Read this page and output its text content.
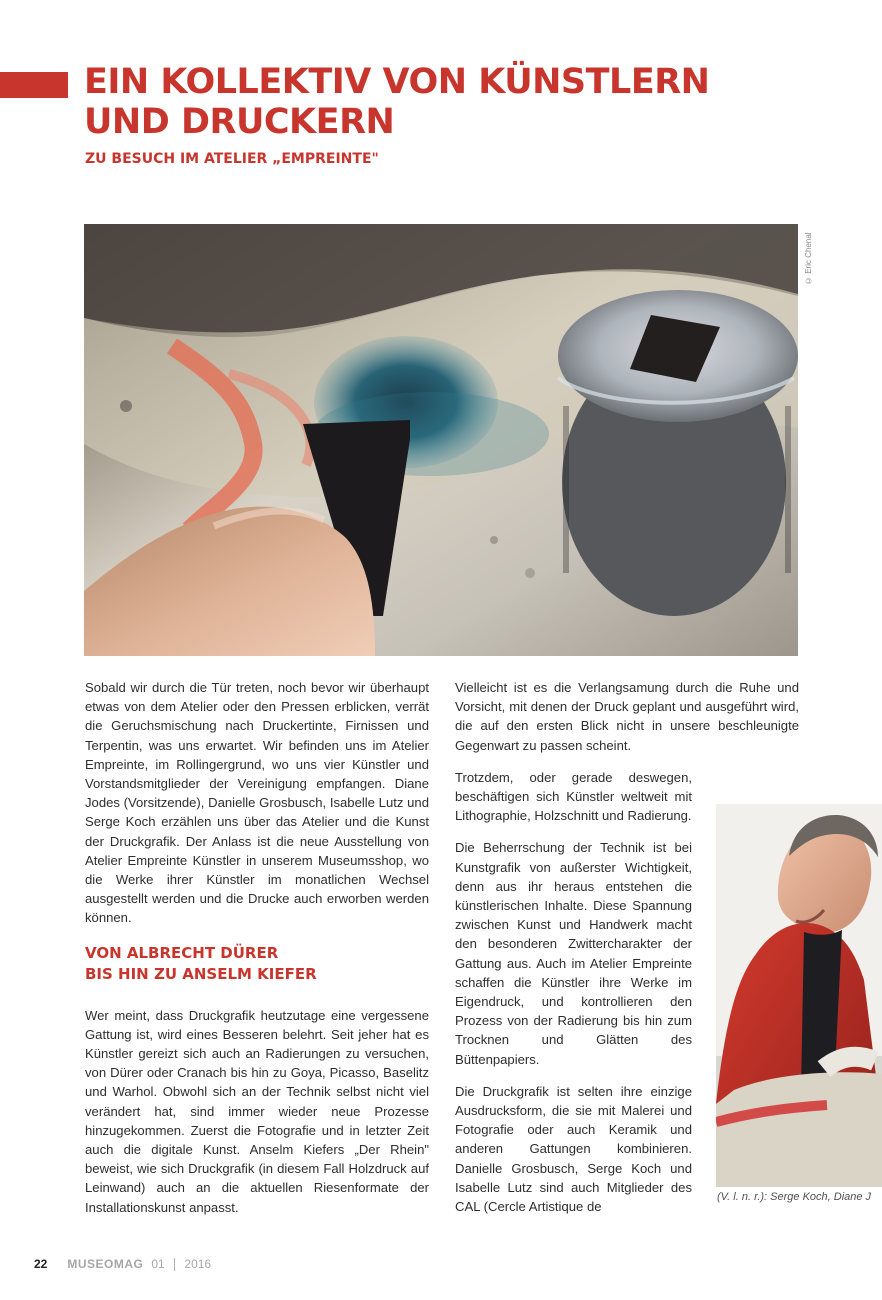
EIN KOLLEKTIV VON KÜNSTLERN
UND DRUCKERN

ZU BESUCH IM ATELIER „EMPREINTE"

© Eric Chenal

Sobald wir durch die Tür treten, noch bevor wir überhaupt etwas von dem Atelier oder den Pressen erblicken, verrät die Geruchsmischung nach Druckertinte, Firnissen und Terpentin, was uns erwartet. Wir befinden uns im Atelier Empreinte, im Rollingergrund, wo uns vier Künstler und Vorstandsmitglieder der Vereinigung empfangen. Diane Jodes (Vorsitzende), Danielle Grosbusch, Isabelle Lutz und Serge Koch erzählen uns über das Atelier und die Kunst der Druckgrafik. Der Anlass ist die neue Ausstellung von Atelier Empreinte Künstler in unserem Museumsshop, wo die Werke ihrer Künstler im monatlichen Wechsel ausgestellt werden und die Drucke auch erworben werden können.

VON ALBRECHT DÜRER
BIS HIN ZU ANSELM KIEFER

Wer meint, dass Druckgrafik heutzutage eine vergessene Gattung ist, wird eines Besseren belehrt. Seit jeher hat es Künstler gereizt sich auch an Radierungen zu versuchen, von Dürer oder Cranach bis hin zu Goya, Picasso, Baselitz und Warhol. Obwohl sich an der Technik selbst nicht viel verändert hat, sind immer wieder neue Prozesse hinzugekommen. Zuerst die Fotografie und in letzter Zeit auch die digitale Kunst. Anselm Kiefers „Der Rhein" beweist, wie sich Druckgrafik (in diesem Fall Holzdruck auf Leinwand) auch an die aktuellen Riesenformate der Installationskunst anpasst.

Vielleicht ist es die Verlangsamung durch die Ruhe und Vorsicht, mit denen der Druck geplant und ausgeführt wird, die auf den ersten Blick nicht in unsere beschleunigte Gegenwart zu passen scheint.

Trotzdem, oder gerade deswegen, beschäftigen sich Künstler weltweit mit Lithographie, Holzschnitt und Radierung.

Die Beherrschung der Technik ist bei Kunstgrafik von außerster Wichtigkeit, denn aus ihr heraus entstehen die künstlerischen Inhalte. Diese Spannung zwischen Kunst und Handwerk macht den besonderen Zwittercharakter der Gattung aus. Auch im Atelier Empreinte schaffen die Künstler ihre Werke im Eigendruck, und kontrollieren den Prozess von der Radierung bis hin zum Trocknen und Glätten des Büttenpapiers.

Die Druckgrafik ist selten ihre einzige Ausdrucksform, die sie mit Malerei und Fotografie oder auch Keramik und anderen Gattungen kombinieren. Danielle Grosbusch, Serge Koch und Isabelle Lutz sind auch Mitglieder des CAL (Cercle Artistique de

(V. l. n. r.): Serge Koch, Diane J
22 MUSEOMAG 01 2016
